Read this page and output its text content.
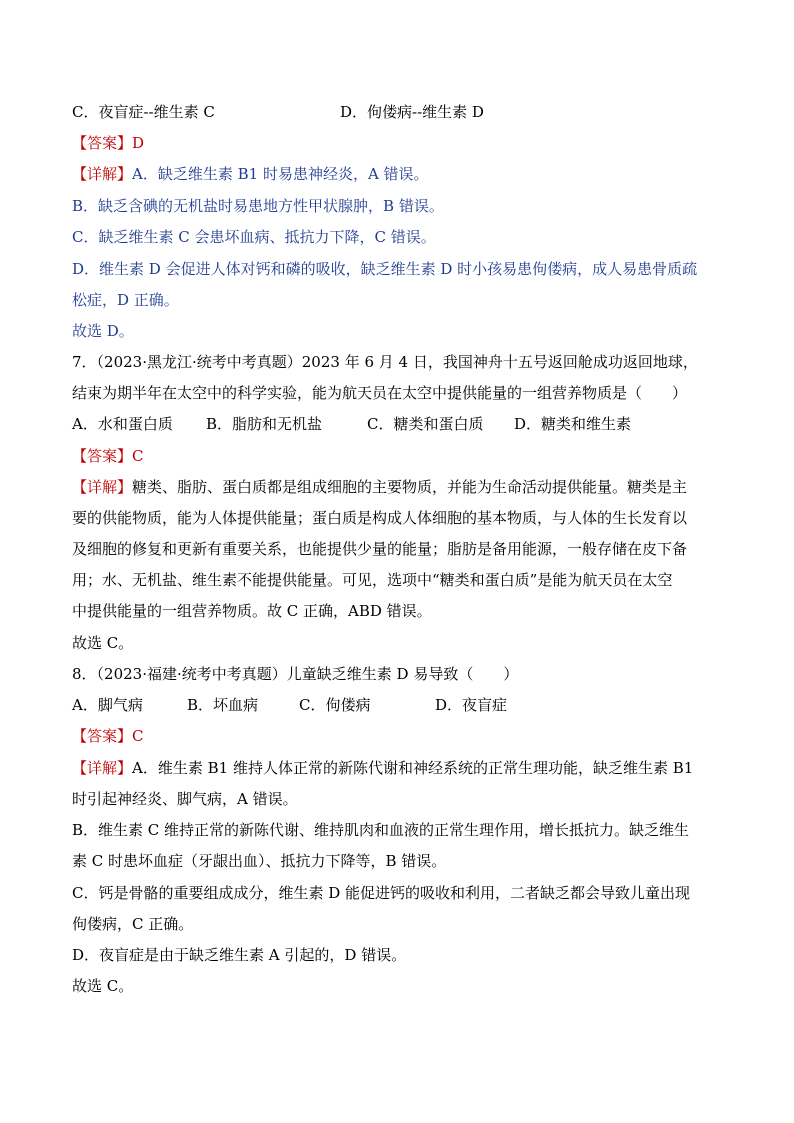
C．夜盲症--维生素 C	D．佝偻病--维生素 D
【答案】D
【详解】A．缺乏维生素 B1 时易患神经炎，A 错误。
B．缺乏含碘的无机盐时易患地方性甲状腺肿，B 错误。
C．缺乏维生素 C 会患坏血病、抵抗力下降，C 错误。
D．维生素 D 会促进人体对钙和磷的吸收，缺乏维生素 D 时小孩易患佝偻病，成人易患骨质疏
松症，D 正确。
故选 D。
7．（2023·黑龙江·统考中考真题）2023 年 6 月 4 日，我国神舟十五号返回舱成功返回地球，
结束为期半年在太空中的科学实验，能为航天员在太空中提供能量的一组营养物质是（　　）
A．水和蛋白质 B．脂肪和无机盐	C．糖类和蛋白质 D．糖类和维生素
【答案】C
【详解】糖类、脂肪、蛋白质都是组成细胞的主要物质，并能为生命活动提供能量。糖类是主
要的供能物质，能为人体提供能量；蛋白质是构成人体细胞的基本物质，与人体的生长发育以
及细胞的修复和更新有重要关系，也能提供少量的能量；脂肪是备用能源，一般存储在皮下备
用；水、无机盐、维生素不能提供能量。可见，选项中“糖类和蛋白质”是能为航天员在太空
中提供能量的一组营养物质。故 C 正确，ABD 错误。
故选 C。
8．（2023·福建·统考中考真题）儿童缺乏维生素 D 易导致（　　）
A．脚气病	B．坏血病	C．佝偻病	D．夜盲症
【答案】C
【详解】A．维生素 B1 维持人体正常的新陈代谢和神经系统的正常生理功能，缺乏维生素 B1
时引起神经炎、脚气病，A 错误。
B．维生素 C 维持正常的新陈代谢、维持肌肉和血液的正常生理作用，增长抵抗力。缺乏维生
素 C 时患坏血症（牙龈出血）、抵抗力下降等，B 错误。
C．钙是骨骼的重要组成成分，维生素 D 能促进钙的吸收和利用，二者缺乏都会导致儿童出现
佝偻病，C 正确。
D．夜盲症是由于缺乏维生素 A 引起的，D 错误。
故选 C。
